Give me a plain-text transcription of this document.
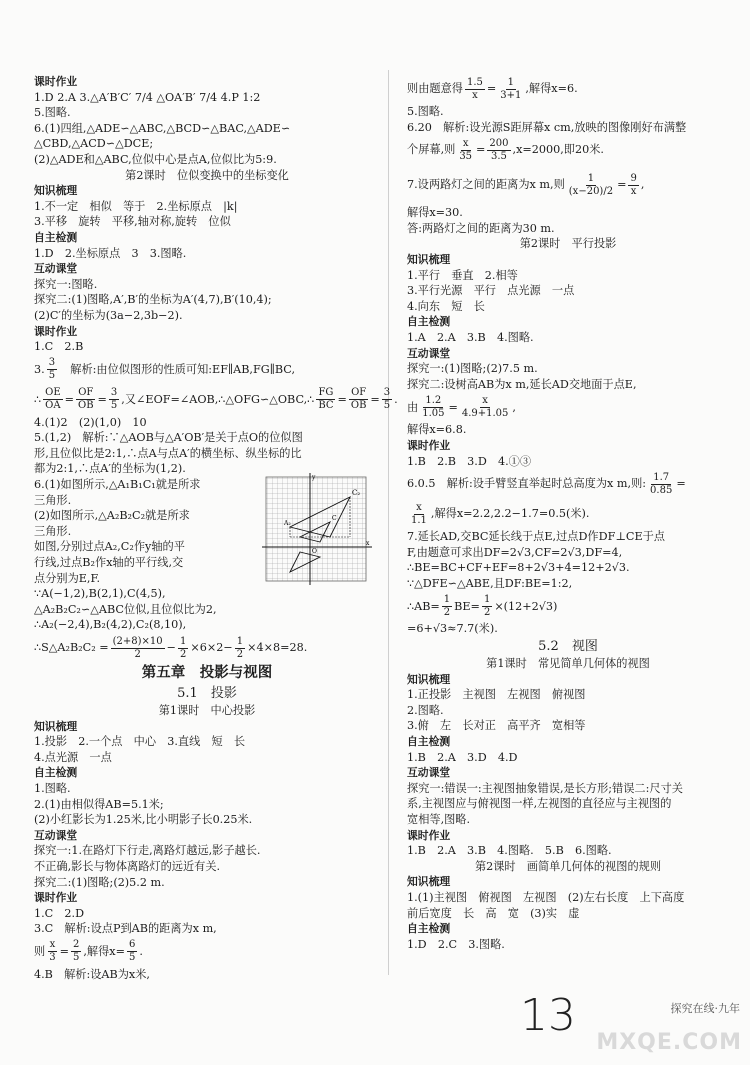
课时作业
1.D 2.A 3.△A′B′C′ 7/4 △OA′B′ 7/4 4.P 1:2
5.图略.
6.(1)四组,△ADE∽△ABC,△BCD∽△BAC,△ADE∽
△CBD,△ACD∽△DCE;
(2)△ADE和△ABC,位似中心是点A,位似比为5:9.
第2课时　位似变换中的坐标变化
知识梳理
1.不一定　相似　等于　2.坐标原点　|k|
3.平移　旋转　平移,轴对称,旋转　位似
自主检测
1.D　2.坐标原点　3　3.图略.
互动课堂
探究一:图略.
探究二:(1)图略,A′,B′的坐标为A′(4,7),B′(10,4);
(2)C′的坐标为(3a−2,3b−2).
课时作业
1.C　2.B
3. $\frac{3}{5}$ 　解析:由位似图形的性质可知:EF∥AB,FG∥BC,
∴ $\frac{OE}{OA} = \frac{OF}{OB} = \frac{3}{5}$ ,又∠EOF=∠AOB, ∴△OFG∽△OBC,∴ $\frac{FG}{BC} = \frac{OF}{OB} = \frac{3}{5}$ .
4.(1)2　(2)(1,0)　10
5.(1,2)　解析:∵△AOB与△A′OB′是关于点O的位似图
形,且位似比是2:1,∴点A与点A′的横坐标、纵坐标的比
都为2:1,∴点A′的坐标为(1,2).
C₂
A₂
C
y
x
O
6.(1)如图所示,△A₁B₁C₁就是所求
三角形.
(2)如图所示,△A₂B₂C₂就是所求
三角形.
如图,分别过点A₂,C₂作y轴的平
行线,过点B₂作x轴的平行线,交
点分别为E,F.
∵A(−1,2),B(2,1),C(4,5),
△A₂B₂C₂∽△ABC位似,且位似比为2,
∴A₂(−2,4),B₂(4,2),C₂(8,10),
∴S△A₂B₂C₂ = $\frac{(2+8)\times 10}{2} - \frac{1}{2} \times 6\times 2- \frac{1}{2} \times 4\times 8=28$.
第五章　投影与视图
5.1　投影
第1课时　中心投影
知识梳理
1.投影　2.一个点　中心　3.直线　短　长
4.点光源　一点
自主检测
1.图略.
2.(1)由相似得AB=5.1米;
(2)小红影长为1.25米,比小明影子长0.25米.
互动课堂
探究一:1.在路灯下行走,离路灯越远,影子越长.
不正确,影长与物体离路灯的远近有关.
探究二:(1)图略;(2)5.2 m.
课时作业
1.C　2.D
3.C　解析:设点P到AB的距离为x m,
则 $\frac{x}{3} = \frac{2}{5}$ ,解得$x= \frac{6}{5}$ .
4.B　解析:设AB为x米,
则由题意得 $\frac{1.5}{x} = \frac{1}{3+1}$ ,解得x=6.
5.图略.
6.20　解析:设光源S距屏幕x cm,放映的图像刚好布满整
个屏幕,则 $\frac{x}{35} = \frac{200}{3.5} ,x=2000$,即20米.
7.设两路灯之间的距离为x m,则 $\frac{1}{(x-20)/2} = \frac{9}{x}$ ,
解得x=30.
答:两路灯之间的距离为30 m.
第2课时　平行投影
知识梳理
1.平行　垂直　2.相等
3.平行光源　平行　点光源　一点
4.向东　短　长
自主检测
1.A　2.A　3.B　4.图略.
互动课堂
探究一:(1)图略;(2)7.5 m.
探究二:设树高AB为x m,延长AD交地面于点E,
由 $\frac{1.2}{1.05} = \frac{x}{4.9+1.05}$ ,
解得x=6.8.
课时作业
1.B　2.B　3.D　4.①③
6.0.5　解析:设手臂竖直举起时总高度为x m,则: $\frac{1.7}{0.85}$ =
$\frac{x}{1.1}$ ,解得x=2.2,2.2−1.7=0.5(米).
7.延长AD,交BC延长线于点E,过点D作DF⊥CE于点
F,由题意可求出DF=2√3,CF=2√3,DF=4,
∴BE=BC+CF+EF=8+2√3+4=12+2√3.
∵△DFE∽△ABE,且DF:BE=1:2,
∴AB= $\frac{1}{2} BE= \frac{1}{2} \times(12+2√3)$
=6+√3≈7.7(米).
5.2　视图
第1课时　常见简单几何体的视图
知识梳理
1.正投影　主视图　左视图　俯视图
2.图略.
3.俯　左　长对正　高平齐　宽相等
自主检测
1.B　2.A　3.D　4.D
互动课堂
探究一:错误一:主视图抽象错误,是长方形;错误二:尺寸关
系,主视图应与俯视图一样,左视图的直径应与主视图的
宽相等,图略.
课时作业
1.B　2.A　3.B　4.图略.　5.B　6.图略.
第2课时　画简单几何体的视图的规则
知识梳理
1.(1)主视图　俯视图　左视图　(2)左右长度　上下高度
前后宽度　长　高　宽　(3)实　虚
自主检测
1.D　2.C　3.图略.
13	探究在线·九年
MXQE.COM
